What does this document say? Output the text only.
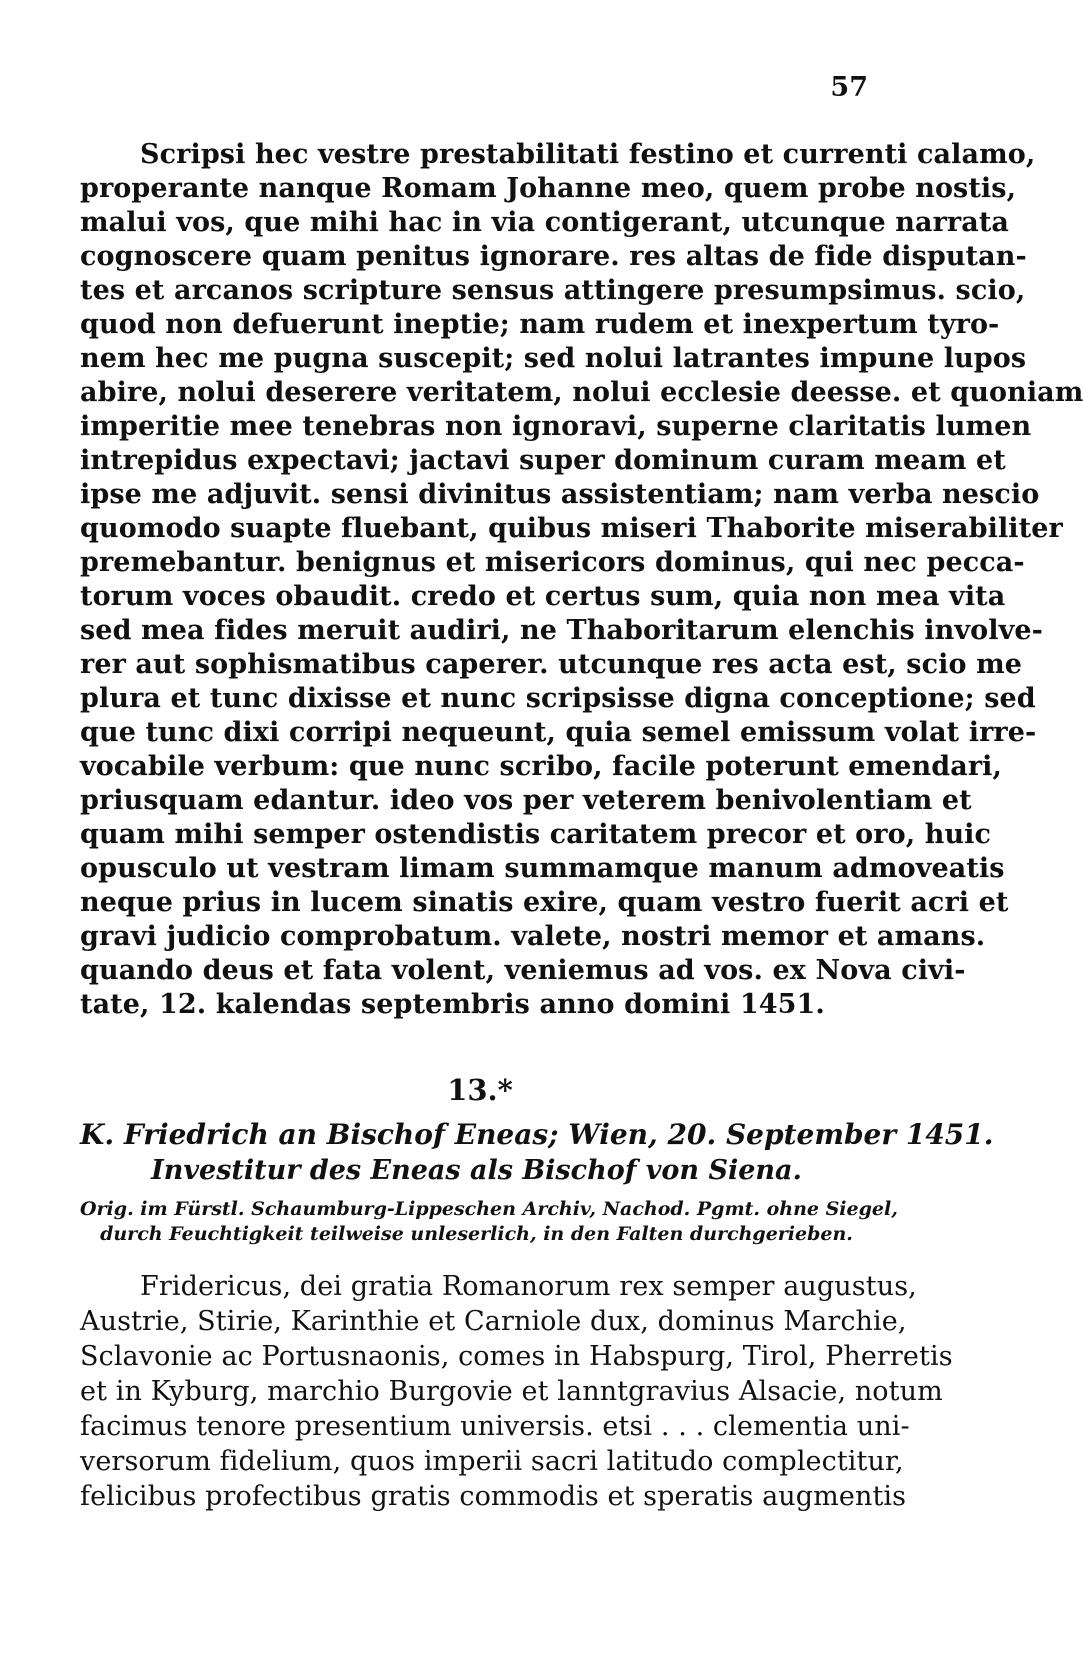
57
Scripsi hec vestre prestabilitati festino et currenti calamo,
properante nanque Romam Johanne meo, quem probe nostis,
malui vos, que mihi hac in via contigerant, utcunque narrata
cognoscere quam penitus ignorare. res altas de fide disputan-
tes et arcanos scripture sensus attingere presumpsimus. scio,
quod non defuerunt ineptie; nam rudem et inexpertum tyro-
nem hec me pugna suscepit; sed nolui latrantes impune lupos
abire, nolui deserere veritatem, nolui ecclesie deesse. et quoniam
imperitie mee tenebras non ignoravi, superne claritatis lumen
intrepidus expectavi; jactavi super dominum curam meam et
ipse me adjuvit. sensi divinitus assistentiam; nam verba nescio
quomodo suapte fluebant, quibus miseri Thaborite miserabiliter
premebantur. benignus et misericors dominus, qui nec pecca-
torum voces obaudit. credo et certus sum, quia non mea vita
sed mea fides meruit audiri, ne Thaboritarum elenchis involve-
rer aut sophismatibus caperer. utcunque res acta est, scio me
plura et tunc dixisse et nunc scripsisse digna conceptione; sed
que tunc dixi corripi nequeunt, quia semel emissum volat irre-
vocabile verbum: que nunc scribo, facile poterunt emendari,
priusquam edantur. ideo vos per veterem benivolentiam et
quam mihi semper ostendistis caritatem precor et oro, huic
opusculo ut vestram limam summamque manum admoveatis
neque prius in lucem sinatis exire, quam vestro fuerit acri et
gravi judicio comprobatum. valete, nostri memor et amans.
quando deus et fata volent, veniemus ad vos. ex Nova civi-
tate, 12. kalendas septembris anno domini 1451.
13.*
K. Friedrich an Bischof Eneas; Wien, 20. September 1451.
Investitur des Eneas als Bischof von Siena.
Orig. im Fürstl. Schaumburg-Lippeschen Archiv, Nachod. Pgmt. ohne Siegel,
durch Feuchtigkeit teilweise unleserlich, in den Falten durchgerieben.
Fridericus, dei gratia Romanorum rex semper augustus,
Austrie, Stirie, Karinthie et Carniole dux, dominus Marchie,
Sclavonie ac Portusnaonis, comes in Habspurg, Tirol, Pherretis
et in Kyburg, marchio Burgovie et lanntgravius Alsacie, notum
facimus tenore presentium universis. etsi . . . clementia uni-
versorum fidelium, quos imperii sacri latitudo complectitur,
felicibus profectibus gratis commodis et speratis augmentis
